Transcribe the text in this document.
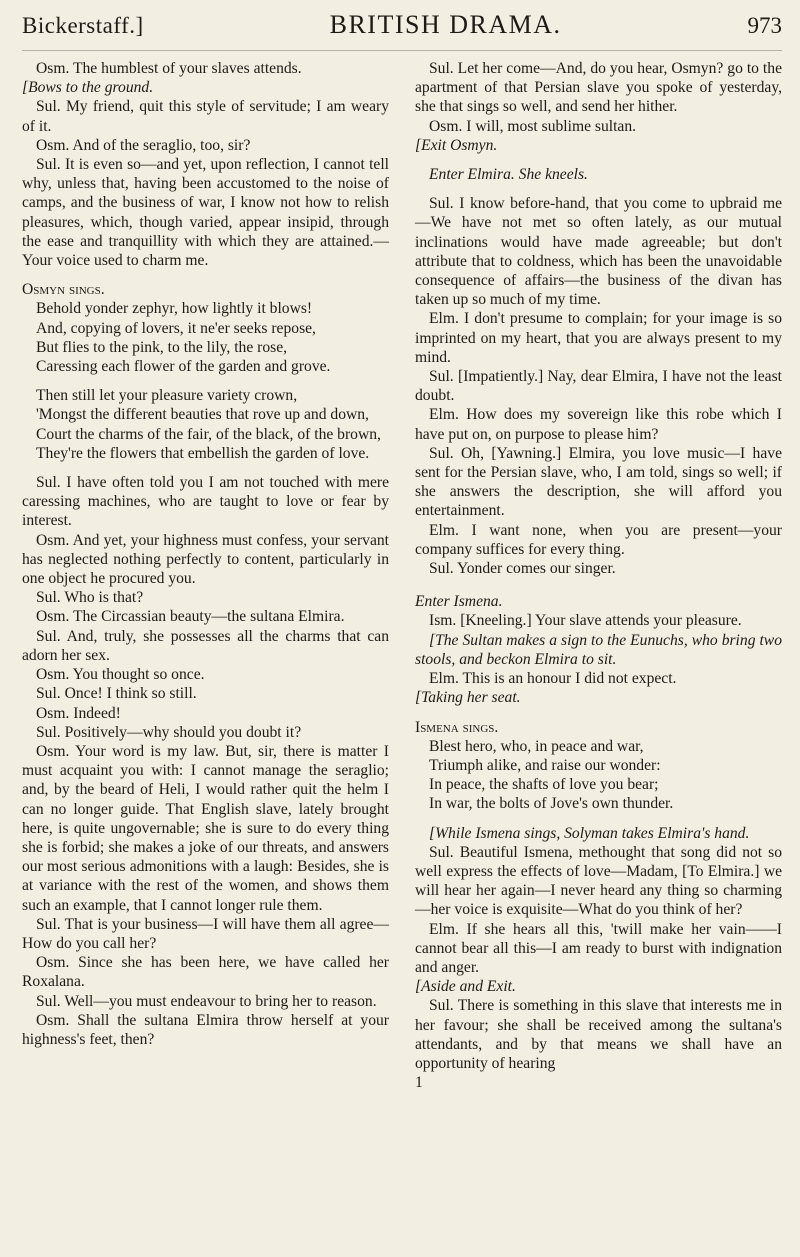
Bickerstaff.]	BRITISH DRAMA.	973

Osm. The humblest of your slaves attends.

[Bows to the ground.

Sul. My friend, quit this style of servitude; I am weary of it.

Osm. And of the seraglio, too, sir?

Sul. It is even so—and yet, upon reflection, I cannot tell why, unless that, having been accustomed to the noise of camps, and the business of war, I know not how to relish pleasures, which, though varied, appear insipid, through the ease and tranquillity with which they are attained.—Your voice used to charm me.

Osmyn sings.

Behold yonder zephyr, how lightly it blows!
And, copying of lovers, it ne'er seeks repose,
But flies to the pink, to the lily, the rose,
Caressing each flower of the garden and grove.
Then still let your pleasure variety crown,
'Mongst the different beauties that rove up and down,
Court the charms of the fair, of the black, of the brown,
They're the flowers that embellish the garden of love.

Sul. I have often told you I am not touched with mere caressing machines, who are taught to love or fear by interest.

Osm. And yet, your highness must confess, your servant has neglected nothing perfectly to content, particularly in one object he procured you.

Sul. Who is that?

Osm. The Circassian beauty—the sultana Elmira.

Sul. And, truly, she possesses all the charms that can adorn her sex.

Osm. You thought so once.

Sul. Once! I think so still.

Osm. Indeed!

Sul. Positively—why should you doubt it?

Osm. Your word is my law. But, sir, there is matter I must acquaint you with: I cannot manage the seraglio; and, by the beard of Heli, I would rather quit the helm I can no longer guide. That English slave, lately brought here, is quite ungovernable; she is sure to do every thing she is forbid; she makes a joke of our threats, and answers our most serious admonitions with a laugh: Besides, she is at variance with the rest of the women, and shows them such an example, that I cannot longer rule them.

Sul. That is your business—I will have them all agree—How do you call her?

Osm. Since she has been here, we have called her Roxalana.

Sul. Well—you must endeavour to bring her to reason.

Osm. Shall the sultana Elmira throw herself at your highness's feet, then?

Sul. Let her come—And, do you hear, Osmyn? go to the apartment of that Persian slave you spoke of yesterday, she that sings so well, and send her hither.

Osm. I will, most sublime sultan.

[Exit Osmyn.

Enter Elmira. She kneels.

Sul. I know before-hand, that you come to upbraid me—We have not met so often lately, as our mutual inclinations would have made agreeable; but don't attribute that to coldness, which has been the unavoidable consequence of affairs—the business of the divan has taken up so much of my time.

Elm. I don't presume to complain; for your image is so imprinted on my heart, that you are always present to my mind.

Sul. [Impatiently.] Nay, dear Elmira, I have not the least doubt.

Elm. How does my sovereign like this robe which I have put on, on purpose to please him?

Sul. Oh, [Yawning.] Elmira, you love music—I have sent for the Persian slave, who, I am told, sings so well; if she answers the description, she will afford you entertainment.

Elm. I want none, when you are present—your company suffices for every thing.

Sul. Yonder comes our singer.

Enter Ismena.

Ism. [Kneeling.] Your slave attends your pleasure.

[The Sultan makes a sign to the Eunuchs, who bring two stools, and beckon Elmira to sit.

Elm. This is an honour I did not expect.

[Taking her seat.

Ismena sings.

Blest hero, who, in peace and war,
Triumph alike, and raise our wonder:
In peace, the shafts of love you bear;
In war, the bolts of Jove's own thunder.

[While Ismena sings, Solyman takes Elmira's hand.

Sul. Beautiful Ismena, methought that song did not so well express the effects of love—Madam, [To Elmira.] we will hear her again—I never heard any thing so charming—her voice is exquisite—What do you think of her?

Elm. If she hears all this, 'twill make her vain——I cannot bear all this—I am ready to burst with indignation and anger.

[Aside and Exit.

Sul. There is something in this slave that interests me in her favour; she shall be received among the sultana's attendants, and by that means we shall have an opportunity of hearing

1
